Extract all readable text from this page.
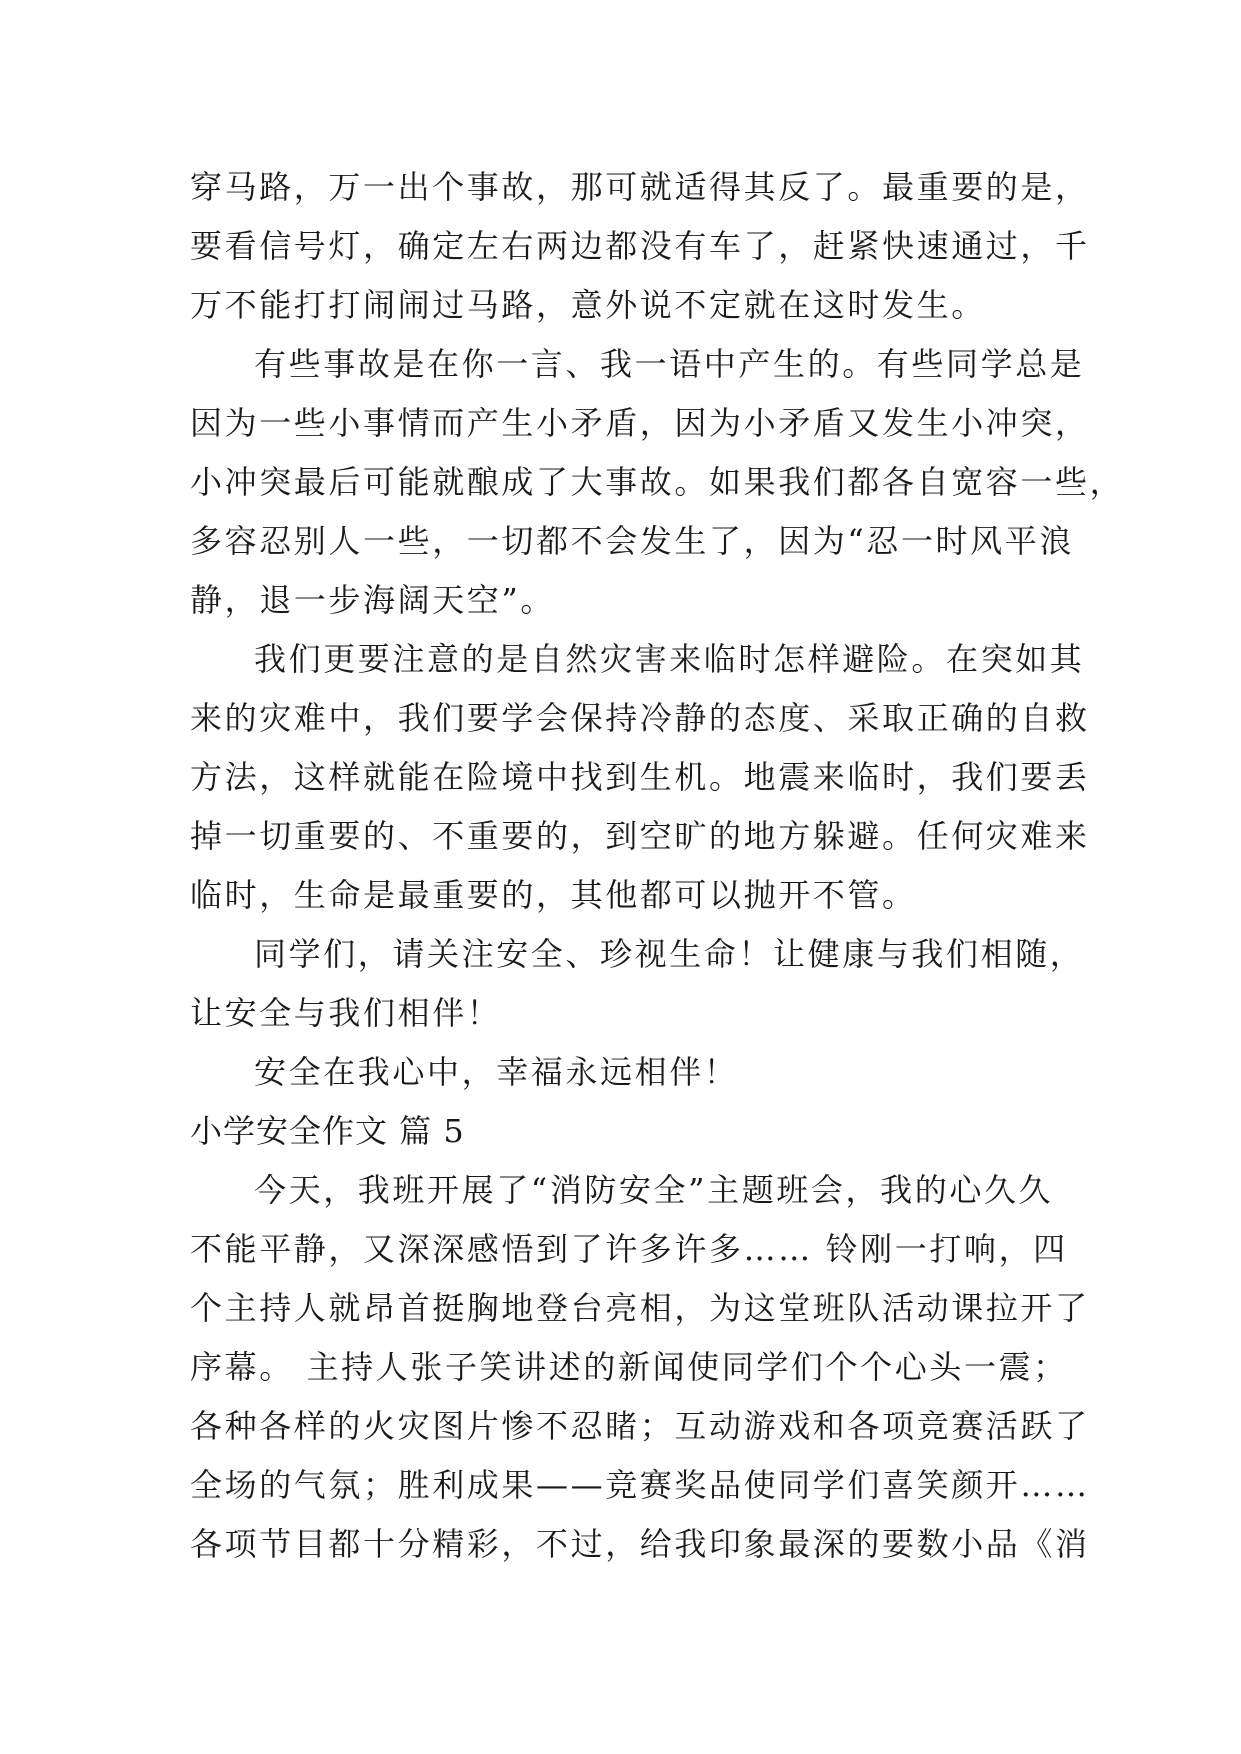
穿马路，万一出个事故，那可就适得其反了。最重要的是，
要看信号灯，确定左右两边都没有车了，赶紧快速通过，千
万不能打打闹闹过马路，意外说不定就在这时发生。
有些事故是在你一言、我一语中产生的。有些同学总是
因为一些小事情而产生小矛盾，因为小矛盾又发生小冲突，
小冲突最后可能就酿成了大事故。如果我们都各自宽容一些，
多容忍别人一些，一切都不会发生了，因为“忍一时风平浪
静，退一步海阔天空”。
我们更要注意的是自然灾害来临时怎样避险。在突如其
来的灾难中，我们要学会保持冷静的态度、采取正确的自救
方法，这样就能在险境中找到生机。地震来临时，我们要丢
掉一切重要的、不重要的，到空旷的地方躲避。任何灾难来
临时，生命是最重要的，其他都可以抛开不管。
同学们，请关注安全、珍视生命！让健康与我们相随，
让安全与我们相伴！
安全在我心中，幸福永远相伴！
小学安全作文 篇 5
今天，我班开展了“消防安全”主题班会，我的心久久
不能平静，又深深感悟到了许多许多…… 铃刚一打响，四
个主持人就昂首挺胸地登台亮相，为这堂班队活动课拉开了
序幕。 主持人张子笑讲述的新闻使同学们个个心头一震；
各种各样的火灾图片惨不忍睹；互动游戏和各项竞赛活跃了
全场的气氛；胜利成果——竞赛奖品使同学们喜笑颜开……
各项节目都十分精彩，不过，给我印象最深的要数小品《消
